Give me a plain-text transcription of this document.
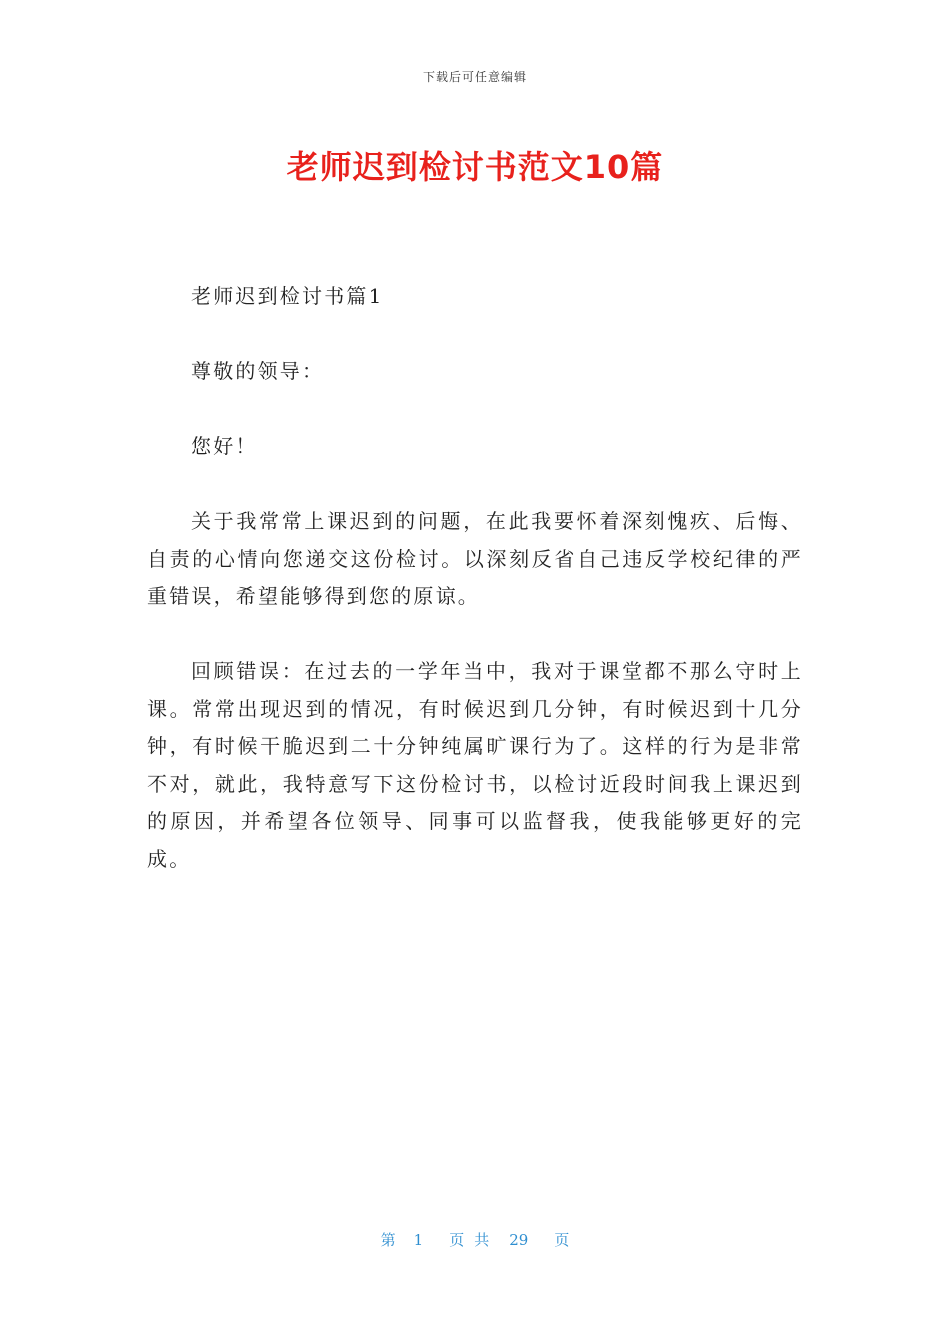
下载后可任意编辑
老师迟到检讨书范文10篇

老师迟到检讨书篇1

尊敬的领导：

您好！

关于我常常上课迟到的问题，在此我要怀着深刻愧疚、后悔、自责的心情向您递交这份检讨。以深刻反省自己违反学校纪律的严重错误，希望能够得到您的原谅。

回顾错误：在过去的一学年当中，我对于课堂都不那么守时上课。常常出现迟到的情况，有时候迟到几分钟，有时候迟到十几分钟，有时候干脆迟到二十分钟纯属旷课行为了。这样的行为是非常不对，就此，我特意写下这份检讨书，以检讨近段时间我上课迟到的原因，并希望各位领导、同事可以监督我，使我能够更好的完成。

第 1 页共 29 页
